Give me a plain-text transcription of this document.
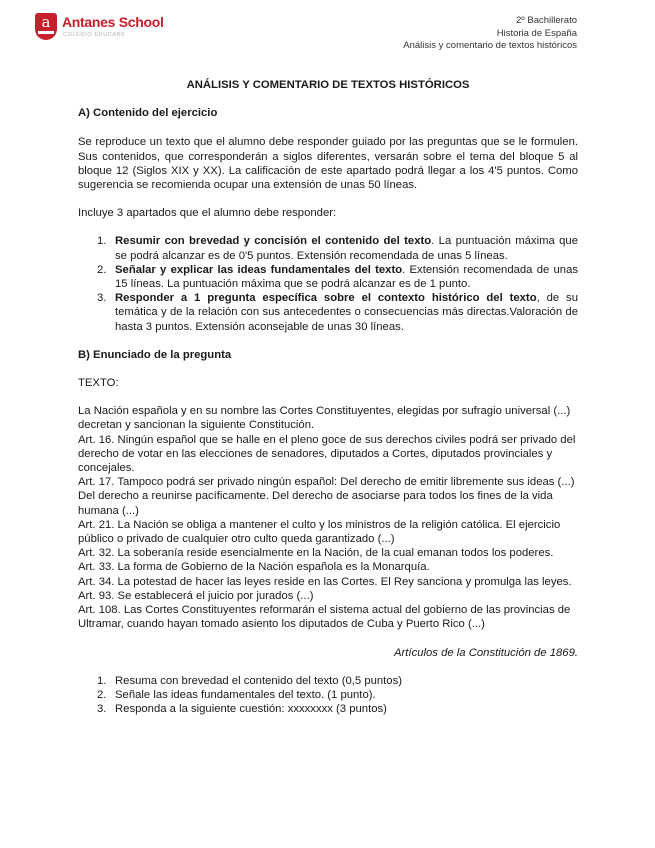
a Antanes School
COLEGIO EDUCARE
2º Bachillerato
Historia de España
Análisis y comentario de textos históricos
ANÁLISIS Y COMENTARIO DE TEXTOS HISTÓRICOS
A) Contenido del ejercicio

Se reproduce un texto que el alumno debe responder guiado por las preguntas que se le formulen. Sus contenidos, que corresponderán a siglos diferentes, versarán sobre el tema del bloque 5 al bloque 12 (Siglos XIX y XX). La calificación de este apartado podrá llegar a los 4'5 puntos. Como sugerencia se recomienda ocupar una extensión de unas 50 líneas.

Incluye 3 apartados que el alumno debe responder:

1. Resumir con brevedad y concisión el contenido del texto. La puntuación máxima que se podrá alcanzar es de 0'5 puntos. Extensión recomendada de unas 5 líneas.
2. Señalar y explicar las ideas fundamentales del texto. Extensión recomendada de unas 15 líneas. La puntuación máxima que se podrá alcanzar es de 1 punto.
3. Responder a 1 pregunta específica sobre el contexto histórico del texto, de su temática y de la relación con sus antecedentes o consecuencias más directas.Valoración de hasta 3 puntos. Extensión aconsejable de unas 30 líneas.
B) Enunciado de la pregunta

TEXTO:

La Nación española y en su nombre las Cortes Constituyentes, elegidas por sufragio universal (...) decretan y sancionan la siguiente Constitución.

Art. 16. Ningún español que se halle en el pleno goce de sus derechos civiles podrá ser privado del derecho de votar en las elecciones de senadores, diputados a Cortes, diputados provinciales y concejales.

Art. 17. Tampoco podrá ser privado ningún español: Del derecho de emitir libremente sus ideas (...) Del derecho a reunirse pacíficamente. Del derecho de asociarse para todos los fines de la vida humana (...)

Art. 21. La Nación se obliga a mantener el culto y los ministros de la religión católica. El ejercicio público o privado de cualquier otro culto queda garantizado (...)

Art. 32. La soberanía reside esencialmente en la Nación, de la cual emanan todos los poderes.

Art. 33. La forma de Gobierno de la Nación española es la Monarquía.

Art. 34. La potestad de hacer las leyes reside en las Cortes. El Rey sanciona y promulga las leyes.

Art. 93. Se establecerá el juicio por jurados (...)

Art. 108. Las Cortes Constituyentes reformarán el sistema actual del gobierno de las provincias de Ultramar, cuando hayan tomado asiento los diputados de Cuba y Puerto Rico (...)

Artículos de la Constitución de 1869.

1. Resuma con brevedad el contenido del texto (0,5 puntos)
2. Señale las ideas fundamentales del texto. (1 punto).
3. Responda a la siguiente cuestión: xxxxxxxx (3 puntos)
